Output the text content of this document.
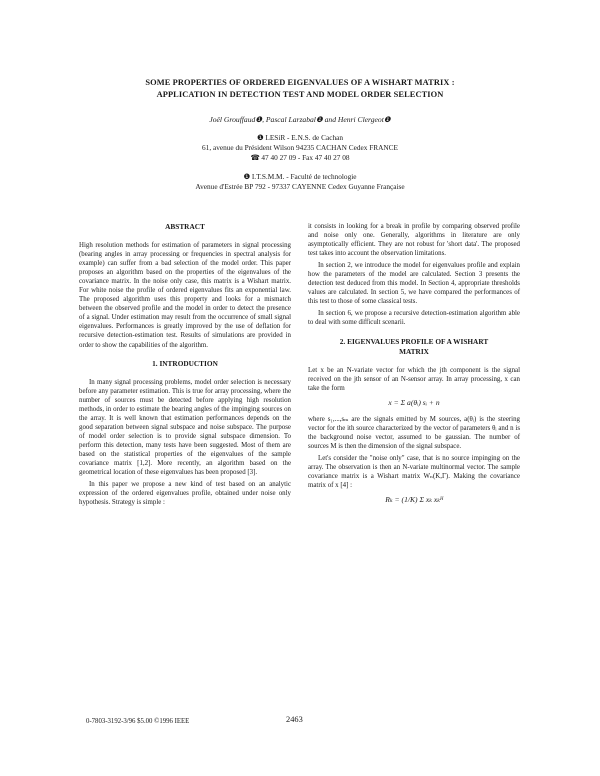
SOME PROPERTIES OF ORDERED EIGENVALUES OF A WISHART MATRIX :
APPLICATION IN DETECTION TEST AND MODEL ORDER SELECTION
Joël Grouffaud❶, Pascal Larzabal❶ and Henri Clergeot❶
❶ LESiR - E.N.S. de Cachan
61, avenue du Président Wilson 94235 CACHAN Cedex FRANCE
☎ 47 40 27 09 - Fax 47 40 27 08
❶ I.T.S.M.M. - Faculté de technologie
Avenue d'Estrée BP 792 - 97337 CAYENNE Cedex Guyanne Française
ABSTRACT

High resolution methods for estimation of parameters in signal processing (bearing angles in array processing or frequencies in spectral analysis for example) can suffer from a bad selection of the model order. This paper proposes an algorithm based on the properties of the eigenvalues of the covariance matrix. In the noise only case, this matrix is a Wishart matrix. For white noise the profile of ordered eigenvalues fits an exponential law. The proposed algorithm uses this property and looks for a mismatch between the observed profile and the model in order to detect the presence of a signal. Under estimation may result from the occurrence of small signal eigenvalues. Performances is greatly improved by the use of deflation for recursive detection-estimation test. Results of simulations are provided in order to show the capabilities of the algorithm.

1. INTRODUCTION

In many signal processing problems, model order selection is necessary before any parameter estimation. This is true for array processing, where the number of sources must be detected before applying high resolution methods, in order to estimate the bearing angles of the impinging sources on the array. It is well known that estimation performances depends on the good separation between signal subspace and noise subspace. The purpose of model order selection is to provide signal subspace dimension. To perform this detection, many tests have been suggested. Most of them are based on the statistical properties of the eigenvalues of the sample covariance matrix [1,2]. More recently, an algorithm based on the geometrical location of these eigenvalues has been proposed [3].

In this paper we propose a new kind of test based on an analytic expression of the ordered eigenvalues profile, obtained under noise only hypothesis. Strategy is simple :

it consists in looking for a break in profile by comparing observed profile and noise only one. Generally, algorithms in literature are only asymptotically efficient. They are not robust for 'short data'. The proposed test takes into account the observation limitations.

In section 2, we introduce the model for eigenvalues profile and explain how the parameters of the model are calculated. Section 3 presents the detection test deduced from this model. In Section 4, appropriate thresholds values are calculated. In section 5, we have compared the performances of this test to those of some classical tests.

In section 6, we propose a recursive detection-estimation algorithm able to deal with some difficult scenarii.

2. EIGENVALUES PROFILE OF A WISHART
MATRIX

Let x be an N-variate vector for which the jth component is the signal received on the jth sensor of an N-sensor array. In array processing, x can take the form

x = Σ a(θᵢ) sᵢ + n

where s₁,...,sₘ are the signals emitted by M sources, a(θᵢ) is the steering vector for the ith source characterized by the vector of parameters θᵢ and n is the background noise vector, assumed to be gaussian. The number of sources M is then the dimension of the signal subspace.

Let's consider the "noise only" case, that is no source impinging on the array. The observation is then an N-variate multinormal vector. The sample covariance matrix is a Wishart matrix Wₙ(K,Γ). Making the covariance matrix of x [4] :

Rₖ = (1/K) Σ xₖ xₖᴴ
0-7803-3192-3/96 $5.00 ©1996 IEEE	2463
